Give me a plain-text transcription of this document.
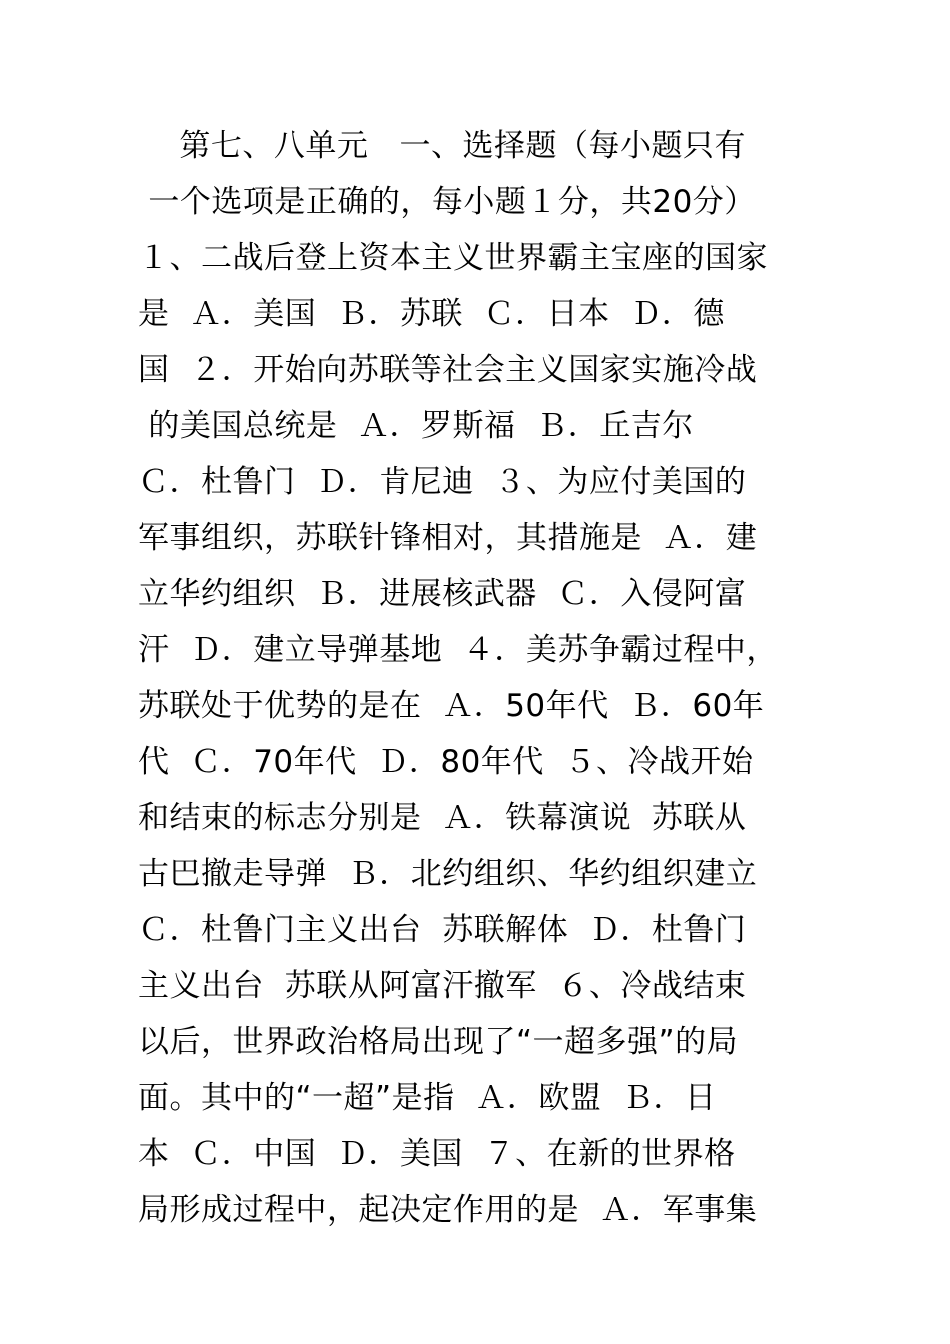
第七、八单元   一、选择题（每小题只有
一个选项是正确的，每小题１分，共20分）
１、二战后登上资本主义世界霸主宝座的国家
是  Ａ．美国  Ｂ．苏联  Ｃ．日本  Ｄ．德
国  ２．开始向苏联等社会主义国家实施冷战
的美国总统是  Ａ．罗斯福  Ｂ．丘吉尔
Ｃ．杜鲁门  Ｄ．肯尼迪  ３、为应付美国的
军事组织，苏联针锋相对，其措施是  Ａ．建
立华约组织  Ｂ．进展核武器  Ｃ．入侵阿富
汗  Ｄ．建立导弹基地  ４．美苏争霸过程中，
苏联处于优势的是在  Ａ．50年代  Ｂ．60年
代  Ｃ．70年代  Ｄ．80年代  ５、冷战开始
和结束的标志分别是  Ａ．铁幕演说  苏联从
古巴撤走导弹  Ｂ．北约组织、华约组织建立
Ｃ．杜鲁门主义出台  苏联解体  Ｄ．杜鲁门
主义出台  苏联从阿富汗撤军  ６、冷战结束
以后，世界政治格局出现了“一超多强”的局
面。其中的“一超”是指  Ａ．欧盟  Ｂ．日
本  Ｃ．中国  Ｄ．美国  ７、在新的世界格
局形成过程中，起决定作用的是  Ａ．军事集
